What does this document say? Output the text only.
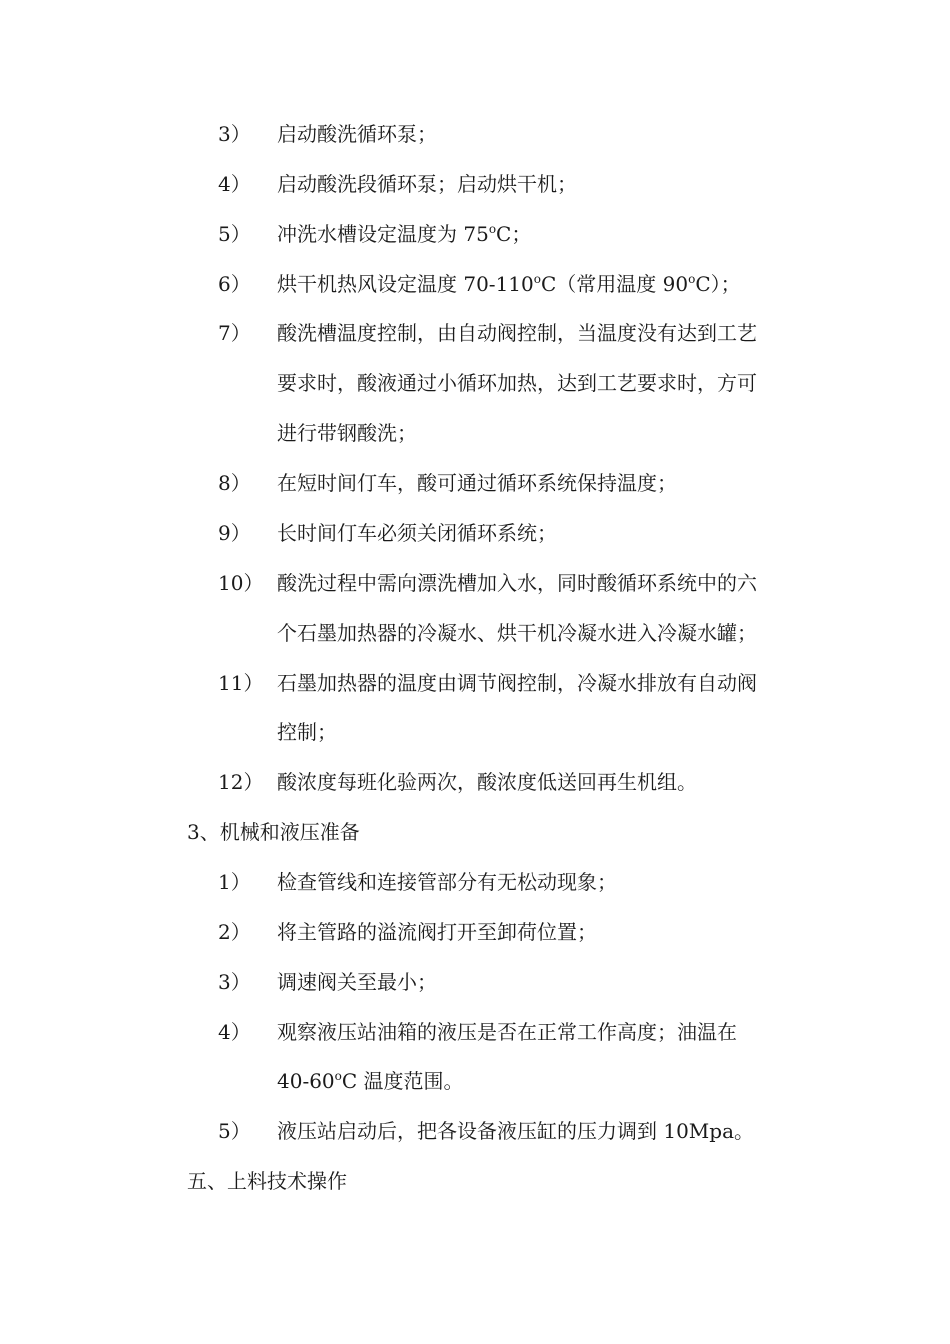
3） 启动酸洗循环泵；
4） 启动酸洗段循环泵；启动烘干机；
5） 冲洗水槽设定温度为 75$^o$C；
6） 烘干机热风设定温度 70-110$^o$C（常用温度 90$^o$C）；
7） 酸洗槽温度控制，由自动阀控制，当温度没有达到工艺
要求时，酸液通过小循环加热，达到工艺要求时，方可
进行带钢酸洗；
8） 在短时间仃车，酸可通过循环系统保持温度；
9） 长时间仃车必须关闭循环系统；
10） 酸洗过程中需向漂洗槽加入水，同时酸循环系统中的六
个石墨加热器的冷凝水、烘干机冷凝水进入冷凝水罐；
11） 石墨加热器的温度由调节阀控制，冷凝水排放有自动阀
控制；
12） 酸浓度每班化验两次，酸浓度低送回再生机组。
3、机械和液压准备
1） 检查管线和连接管部分有无松动现象；
2） 将主管路的溢流阀打开至卸荷位置；
3） 调速阀关至最小；
4） 观察液压站油箱的液压是否在正常工作高度；油温在
40-60$^o$C 温度范围。
5） 液压站启动后，把各设备液压缸的压力调到 10Mpa。
五、上料技术操作
